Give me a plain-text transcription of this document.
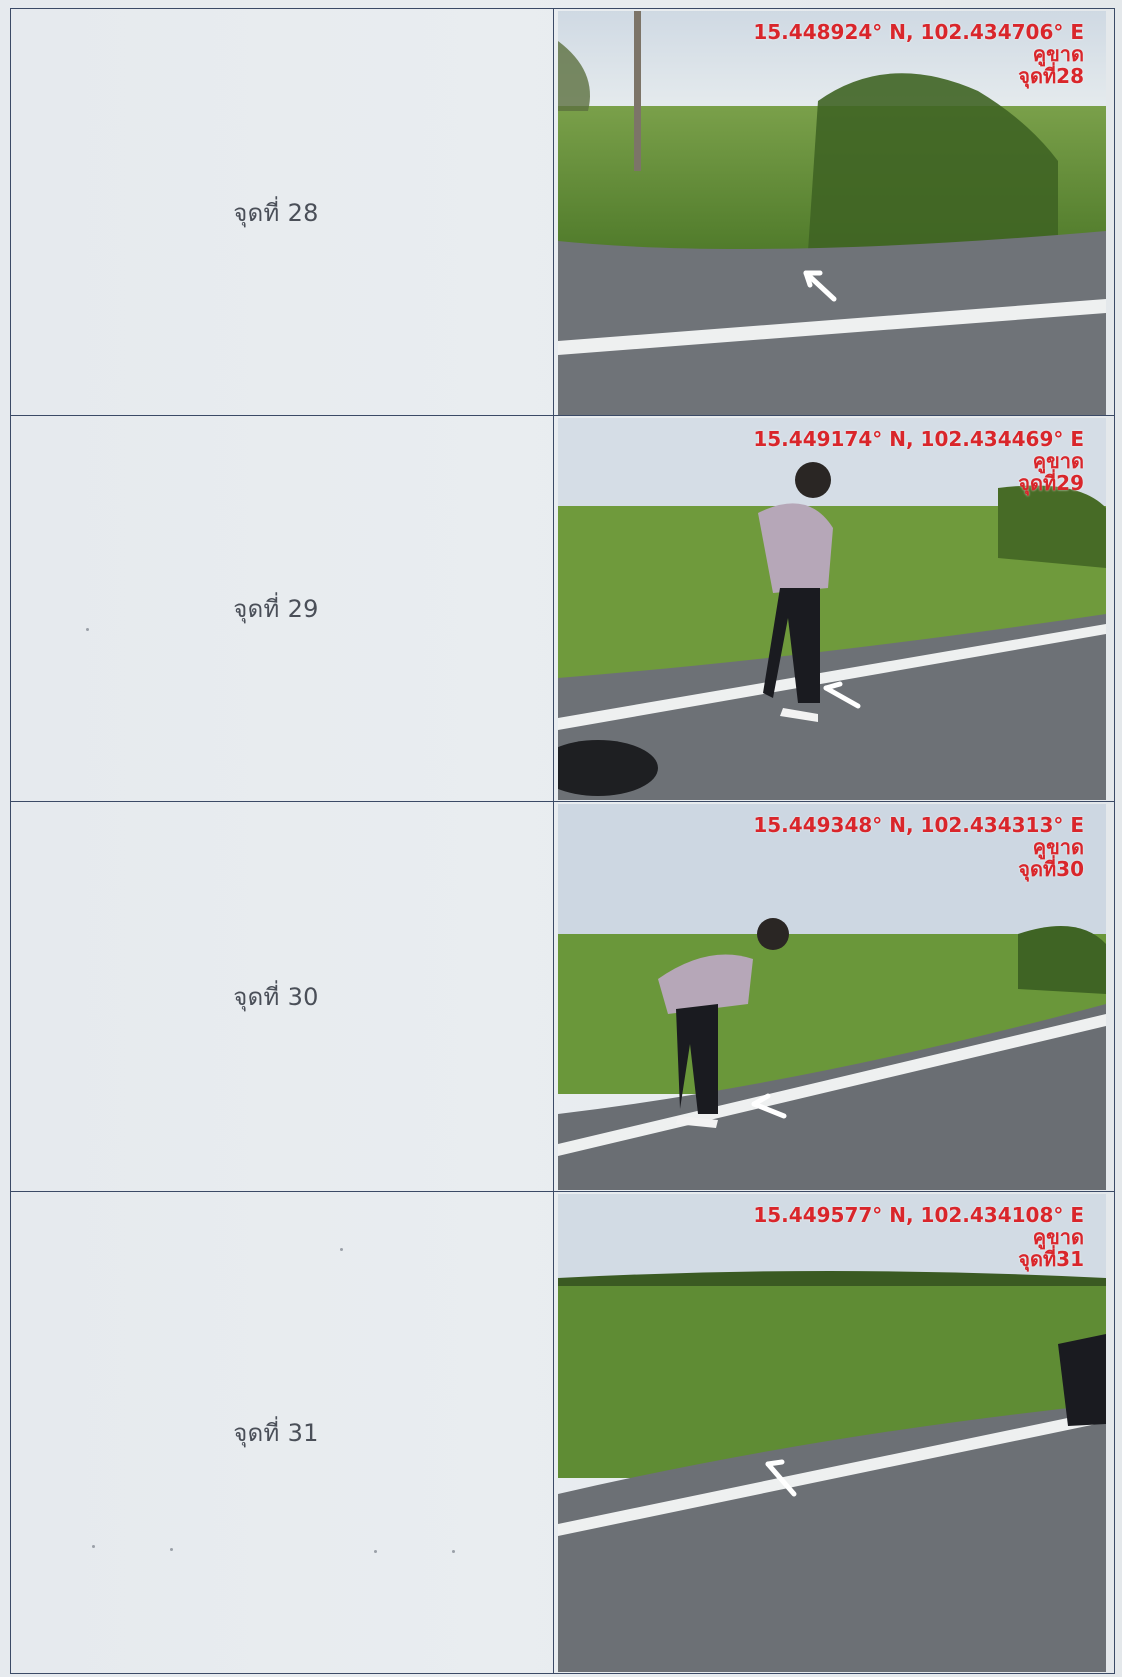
จุดที่ 28	15.448924° N, 102.434706° E
คูขาด
จุดที่28

จุดที่ 29	15.449174° N, 102.434469° E
คูขาด
จุดที่29

จุดที่ 30	15.449348° N, 102.434313° E
คูขาด
จุดที่30

จุดที่ 31	15.449577° N, 102.434108° E
คูขาด
จุดที่31
